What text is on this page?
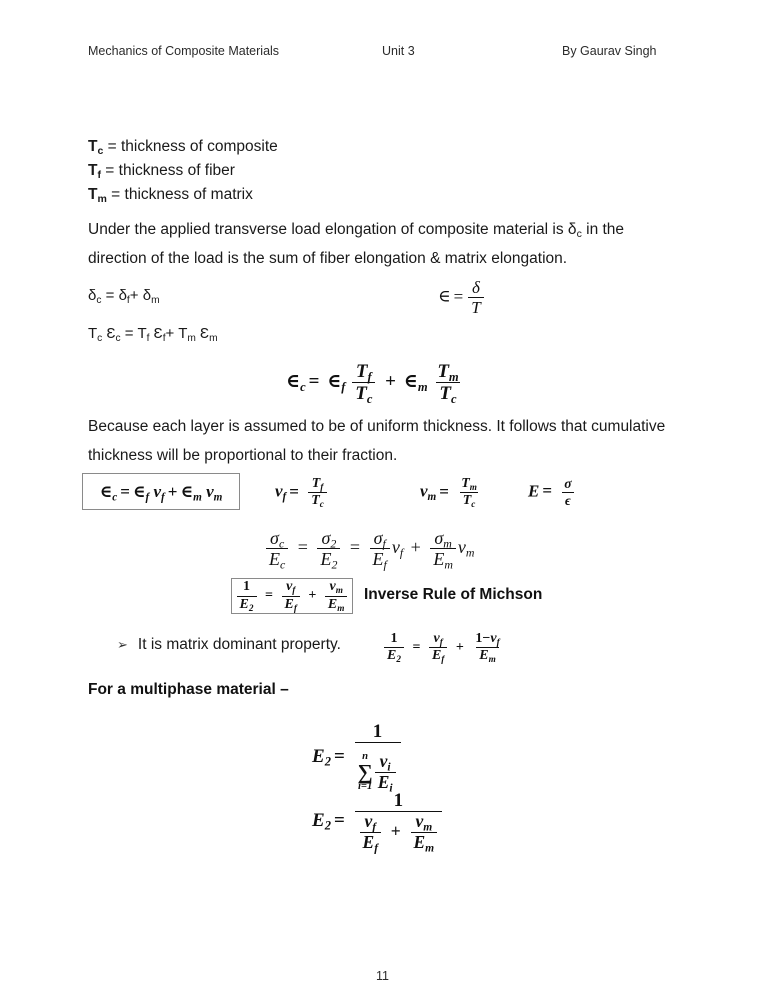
Mechanics of Composite Materials	Unit 3	By Gaurav Singh
$T_c$ = thickness of composite
$T_f$ = thickness of fiber
$T_m$ = thickness of matrix
Under the applied transverse load elongation of composite material is $\delta_c$ in the direction of the load is the sum of fiber elongation & matrix elongation.
$\delta_c = \delta_f+ \delta_m$	∈ = $\frac{\delta}{T}$
$T_c$ $Ɛ_c = T_f$ $Ɛ_f+ T_m$ $Ɛ_m$
∈c = ∈f $\frac{Tf}{Tc}$ + ∈m $\frac{Tm}{Tc}$
Because each layer is assumed to be of uniform thickness. It follows that cumulative thickness will be proportional to their fraction.
∈c = ∈f vf + ∈m vm	vf = $\frac{Tf}{Tc}$	vm = $\frac{Tm}{Tc}$	$E = \frac{\sigma}{\epsilon}$
$\frac{\sigma c}{Ec} = \frac{\sigma 2}{E2} = \frac{\sigma f}{Ef}$ vf + $\frac{\sigma m}{Em}$ vm
$\frac{1}{E2} = \frac{vf}{Ef} + \frac{vm}{Em}$ Inverse Rule of Michson
➢ It is matrix dominant property.	$\frac{1}{E2} = \frac{vf}{Ef} + \frac{1-vf}{Em}$
For a multiphase material –
E2 =
1
n
∑
$i=1 \frac{vi}{Ei}$
$E2 = \frac{1}{\frac{vf}{Ef} + \frac{vm}{Em}}$
11
